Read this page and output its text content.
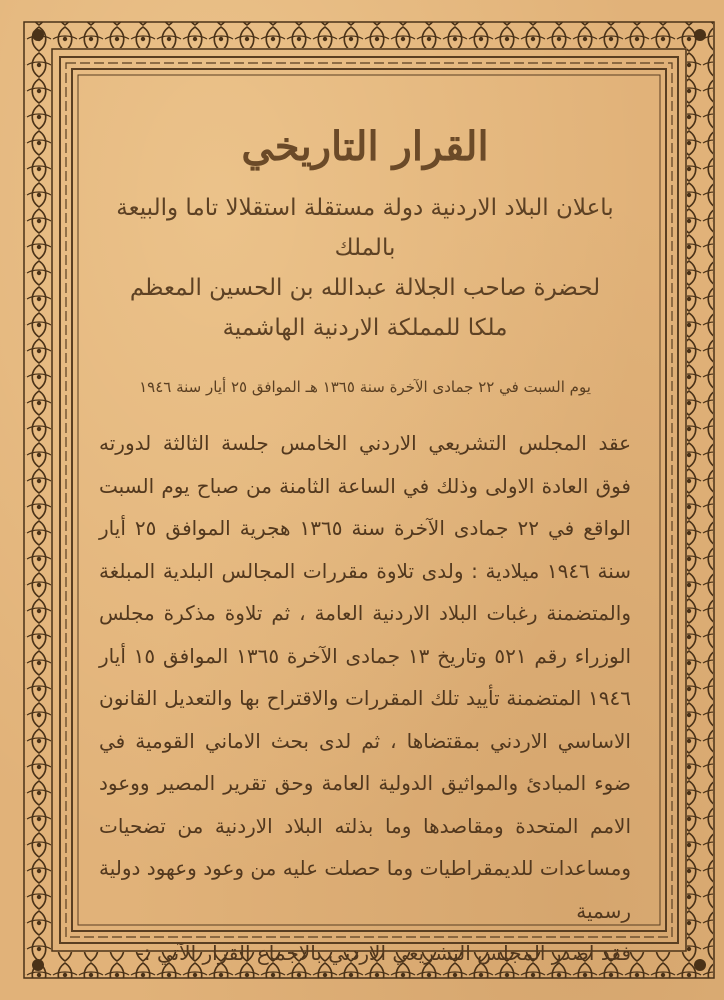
القرار التاريخي
باعلان البلاد الاردنية دولة مستقلة استقلالا تاما والبيعة بالملك
لحضرة صاحب الجلالة عبدالله بن الحسين المعظم
ملكا للمملكة الاردنية الهاشمية
يوم السبت في ٢٢ جمادى الآخرة سنة ١٣٦٥ هـ الموافق ٢٥ أيار سنة ١٩٤٦
عقد المجلس التشريعي الاردني الخامس جلسة الثالثة لدورته فوق العادة الاولى وذلك في الساعة الثامنة من صباح يوم السبت الواقع في ٢٢ جمادى الآخرة سنة ١٣٦٥ هجرية الموافق ٢٥ أيار سنة ١٩٤٦ ميلادية : ولدى تلاوة مقررات المجالس البلدية المبلغة والمتضمنة رغبات البلاد الاردنية العامة ، ثم تلاوة مذكرة مجلس الوزراء رقم ٥٢١ وتاريخ ١٣ جمادى الآخرة ١٣٦٥ الموافق ١٥ أيار ١٩٤٦ المتضمنة تأييد تلك المقررات والاقتراح بها والتعديل القانون الاساسي الاردني بمقتضاها ، ثم لدى بحث الاماني القومية في ضوء المبادئ والمواثيق الدولية العامة وحق تقرير المصير ووعود الامم المتحدة ومقاصدها وما بذلته البلاد الاردنية من تضحيات ومساعدات للديمقراطيات وما حصلت عليه من وعود وعهود دولية رسمية
فقد اصدر المجلس التشريعي الاردني بالاجماع القرار الآتي :-
